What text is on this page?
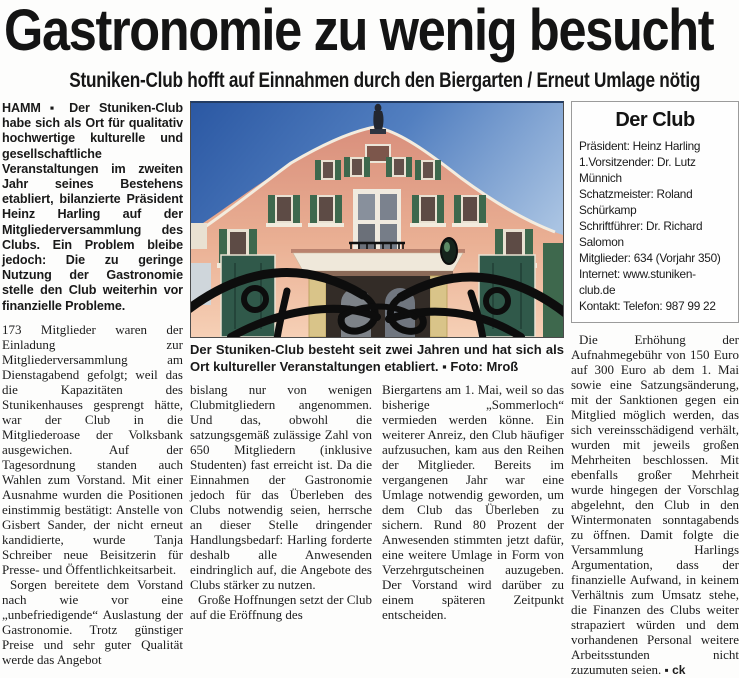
Gastronomie zu wenig besucht
Stuniken-Club hofft auf Einnahmen durch den Biergarten / Erneut Umlage nötig

HAMM ▪ Der Stuniken-Club habe sich als Ort für qualitativ hochwertige kulturelle und gesellschaftliche Veranstaltungen im zweiten Jahr seines Bestehens etabliert, bilanzierte Präsident Heinz Harling auf der Mitgliederversammlung des Clubs. Ein Problem bleibe jedoch: Die zu geringe Nutzung der Gastronomie stelle den Club weiterhin vor finanzielle Probleme.

173 Mitglieder waren der Einladung zur Mitgliederversammlung am Dienstagabend gefolgt; weil das die Kapazitäten des Stunikenhauses gesprengt hätte, war der Club in die Mitgliederoase der Volksbank ausgewichen. Auf der Tagesordnung standen auch Wahlen zum Vorstand. Mit einer Ausnahme wurden die Positionen einstimmig bestätigt: Anstelle von Gisbert Sander, der nicht erneut kandidierte, wurde Tanja Schreiber neue Beisitzerin für Presse- und Öffentlichkeitsarbeit.

Sorgen bereitete dem Vorstand nach wie vor eine „unbefriedigende“ Auslastung der Gastronomie. Trotz günstiger Preise und sehr guter Qualität werde das Angebot

Der Stuniken-Club besteht seit zwei Jahren und hat sich als Ort kultureller Veranstaltungen etabliert. ▪ Foto: Mroß

bislang nur von wenigen Clubmitgliedern angenommen. Und das, obwohl die satzungsgemäß zulässige Zahl von 650 Mitgliedern (inklusive Studenten) fast erreicht ist. Da die Einnahmen der Gastronomie jedoch für das Überleben des Clubs notwendig seien, herrsche an dieser Stelle dringender Handlungsbedarf: Harling forderte deshalb alle Anwesenden eindringlich auf, die Angebote des Clubs stärker zu nutzen.

Große Hoffnungen setzt der Club auf die Eröffnung des

Biergartens am 1. Mai, weil so das bisherige „Sommerloch“ vermieden werden könne. Ein weiterer Anreiz, den Club häufiger aufzusuchen, kam aus den Reihen der Mitglieder. Bereits im vergangenen Jahr war eine Umlage notwendig geworden, um dem Club das Überleben zu sichern. Rund 80 Prozent der Anwesenden stimmten jetzt dafür, eine weitere Umlage in Form von Verzehrgutscheinen auzugeben. Der Vorstand wird darüber zu einem späteren Zeitpunkt entscheiden.

Der Club
Präsident: Heinz Harling
1.Vorsitzender: Dr. Lutz Münnich
Schatzmeister: Roland Schürkamp
Schriftführer: Dr. Richard Salomon
Mitglieder: 634 (Vorjahr 350)
Internet: www.stuniken-club.de
Kontakt: Telefon: 987 99 22

Die Erhöhung der Aufnahmegebühr von 150 Euro auf 300 Euro ab dem 1. Mai sowie eine Satzungsänderung, mit der Sanktionen gegen ein Mitglied möglich werden, das sich vereinsschädigend verhält, wurden mit jeweils großen Mehrheiten beschlossen. Mit ebenfalls großer Mehrheit wurde hingegen der Vorschlag abgelehnt, den Club in den Wintermonaten sonntagabends zu öffnen. Damit folgte die Versammlung Harlings Argumentation, dass der finanzielle Aufwand, in keinem Verhältnis zum Umsatz stehe, die Finanzen des Clubs weiter strapaziert würden und dem vorhandenen Personal weitere Arbeitsstunden nicht zuzumuten seien. ▪ ck
